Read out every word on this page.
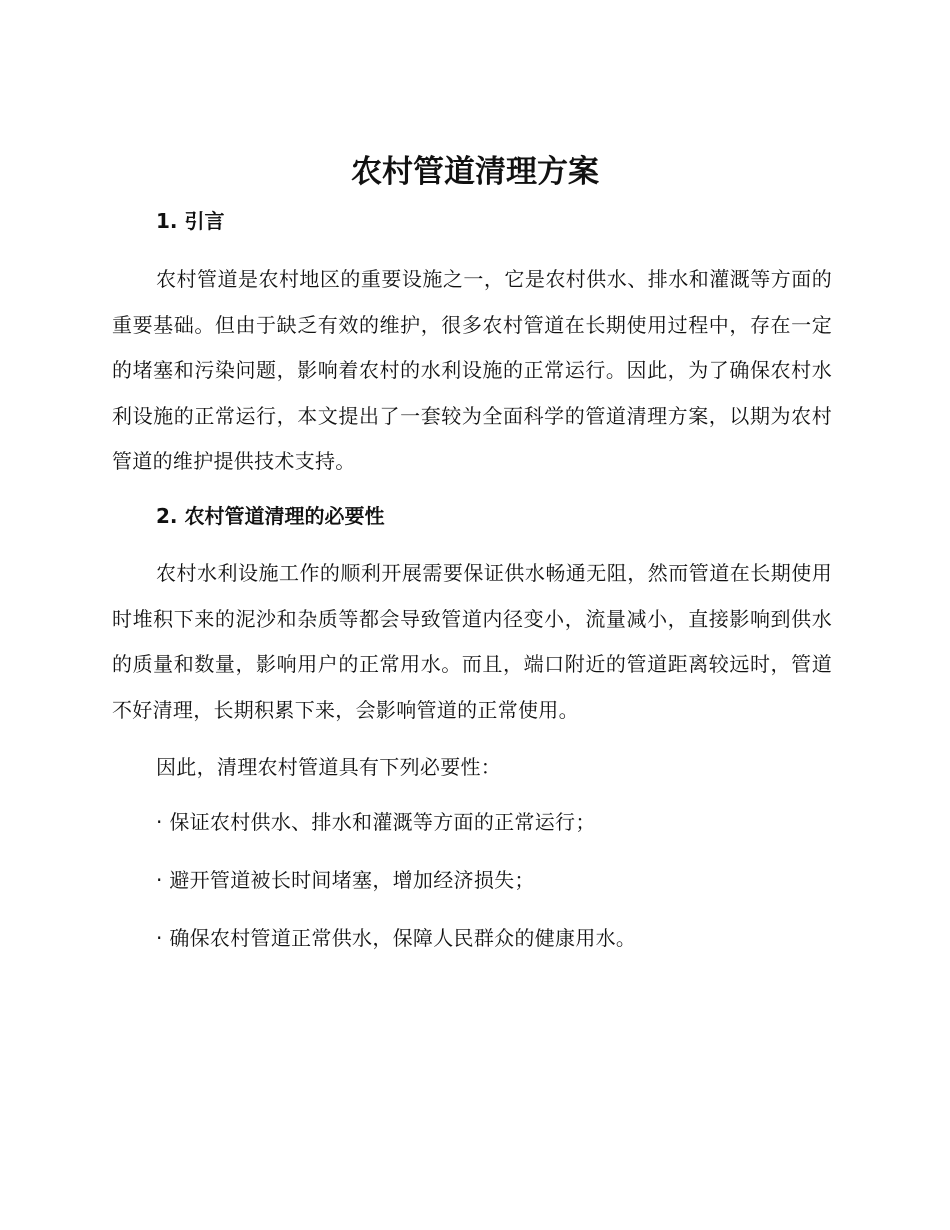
农村管道清理方案
1. 引言

农村管道是农村地区的重要设施之一，它是农村供水、排水和灌溉等方面的重要基础。但由于缺乏有效的维护，很多农村管道在长期使用过程中，存在一定的堵塞和污染问题，影响着农村的水利设施的正常运行。因此，为了确保农村水利设施的正常运行，本文提出了一套较为全面科学的管道清理方案，以期为农村管道的维护提供技术支持。

2. 农村管道清理的必要性

农村水利设施工作的顺利开展需要保证供水畅通无阻，然而管道在长期使用时堆积下来的泥沙和杂质等都会导致管道内径变小，流量减小，直接影响到供水的质量和数量，影响用户的正常用水。而且，端口附近的管道距离较远时，管道不好清理，长期积累下来，会影响管道的正常使用。

因此，清理农村管道具有下列必要性：

· 保证农村供水、排水和灌溉等方面的正常运行；

· 避开管道被长时间堵塞，增加经济损失；

· 确保农村管道正常供水，保障人民群众的健康用水。
